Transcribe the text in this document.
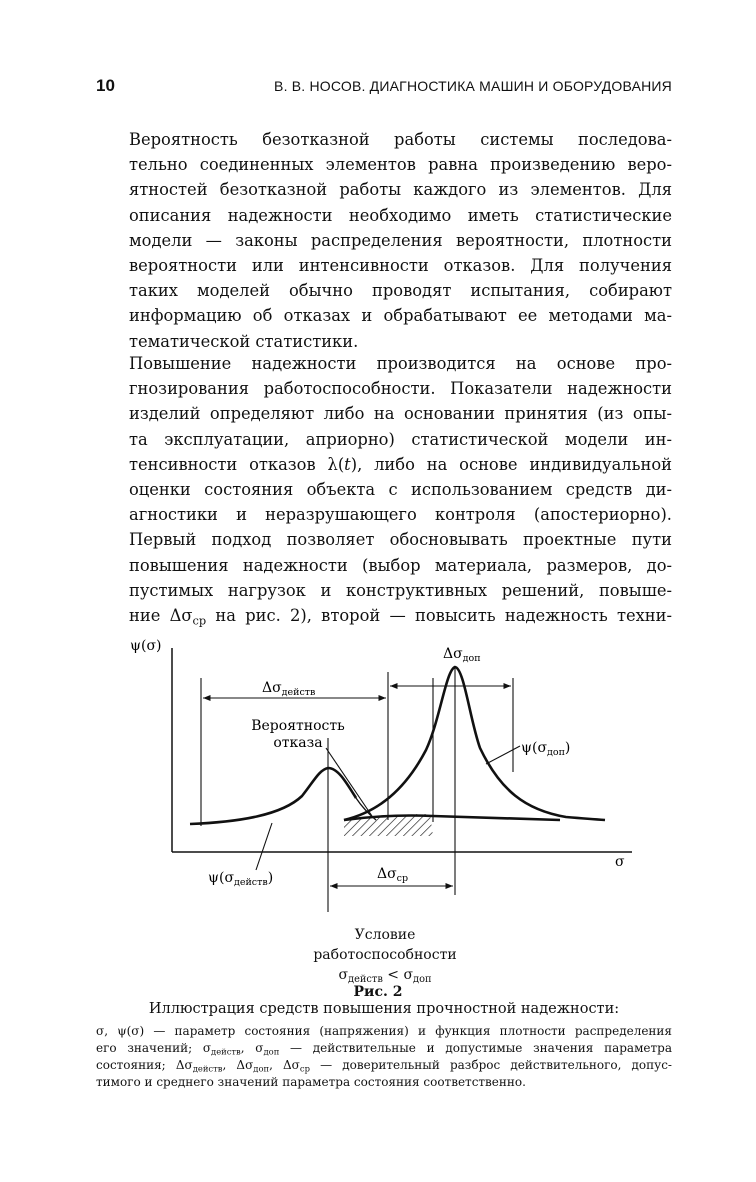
10	В. В. НОСОВ. ДИАГНОСТИКА МАШИН И ОБОРУДОВАНИЯ

Вероятность безотказной работы системы последова-
тельно соединенных элементов равна произведению веро-
ятностей безотказной работы каждого из элементов. Для
описания надежности необходимо иметь статистические
модели — законы распределения вероятности, плотности
вероятности или интенсивности отказов. Для получения
таких моделей обычно проводят испытания, собирают
информацию об отказах и обрабатывают ее методами ма-
тематической статистики.

Повышение надежности производится на основе про-
гнозирования работоспособности. Показатели надежности
изделий определяют либо на основании принятия (из опы-
та эксплуатации, априорно) статистической модели ин-
тенсивности отказов λ(t), либо на основе индивидуальной
оценки состояния объекта с использованием средств ди-
агностики и неразрушающего контроля (апостериорно).
Первый подход позволяет обосновывать проектные пути
повышения надежности (выбор материала, размеров, до-
пустимых нагрузок и конструктивных решений, повыше-
ние $\Delta\sigma_{ср}$ на рис. 2), второй — повысить надежность техни-

ψ(σ)
σ
$\Delta\sigma_{действ}$
$\Delta\sigma_{доп}$
Вероятность отказа	$\psi(\sigma_{доп})$
$\psi(\sigma_{действ})$	$\Delta\sigma_{ср}$
Условие
работоспособности
$\sigma_{действ} < \sigma_{доп}$
Рис. 2
Иллюстрация средств повышения прочностной надежности:
σ, ψ(σ) — параметр состояния (напряжения) и функция плотности распределения
его значений; $\sigma_{действ}$, $\sigma_{доп}$ — действительные и допустимые значения параметра
состояния; $\Delta\sigma_{действ}$, $\Delta\sigma_{доп}$, $\Delta\sigma_{ср}$ — доверительный разброс действительного, допус-
тимого и среднего значений параметра состояния соответственно.
